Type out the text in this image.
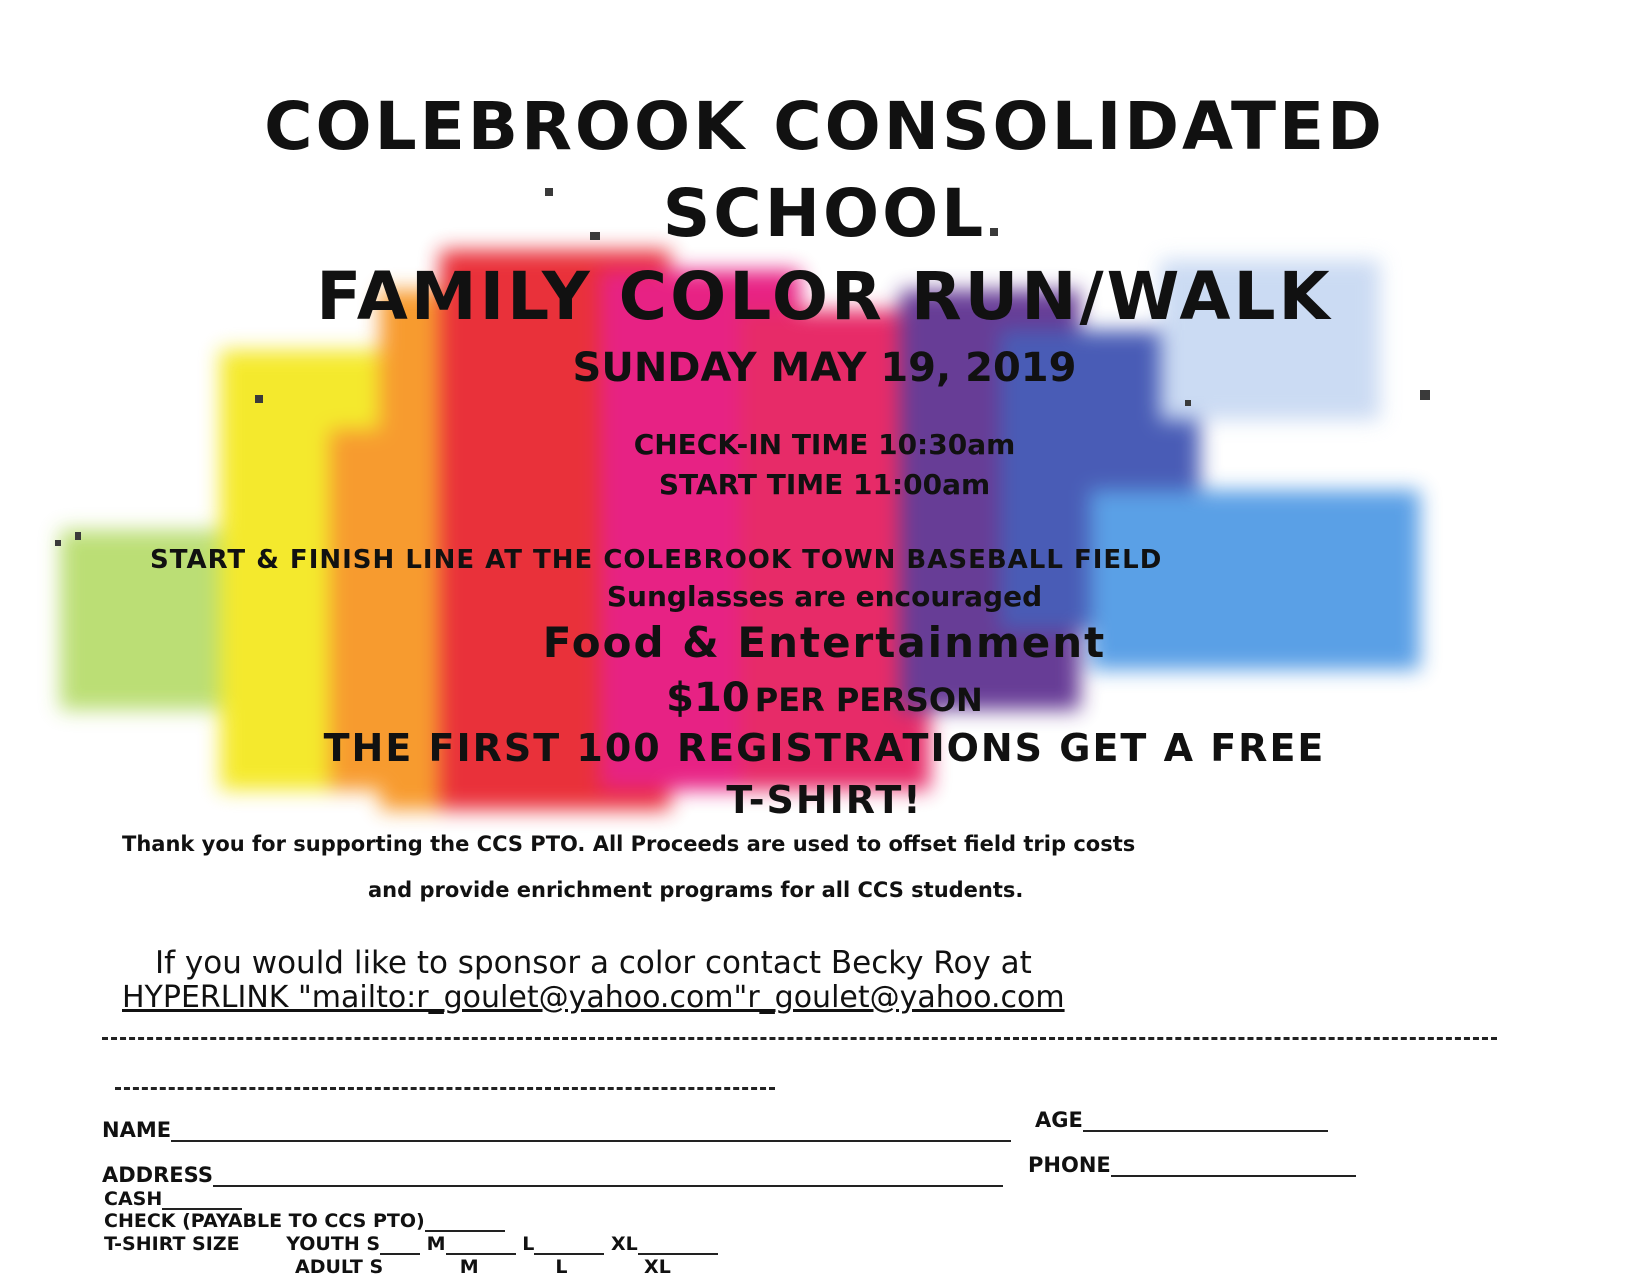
COLEBROOK CONSOLIDATED
SCHOOL
FAMILY COLOR RUN/WALK
SUNDAY MAY 19, 2019
CHECK-IN TIME 10:30am
START TIME 11:00am
START & FINISH LINE AT THE COLEBROOK TOWN BASEBALL FIELD
Sunglasses are encouraged
Food & Entertainment
$10 PER PERSON
THE FIRST 100 REGISTRATIONS GET A FREE
T-SHIRT!
Thank you for supporting the CCS PTO. All Proceeds are used to offset field trip costs
and provide enrichment programs for all CCS students.
If you would like to sponsor a color contact Becky Roy at
HYPERLINK "mailto:r_goulet@yahoo.com"r_goulet@yahoo.com
NAME	AGE
ADDRESS	PHONE
CASH
CHECK (PAYABLE TO CCS PTO)
T-SHIRT SIZE YOUTH S M	L	XL
ADULT S	M	L	XL
